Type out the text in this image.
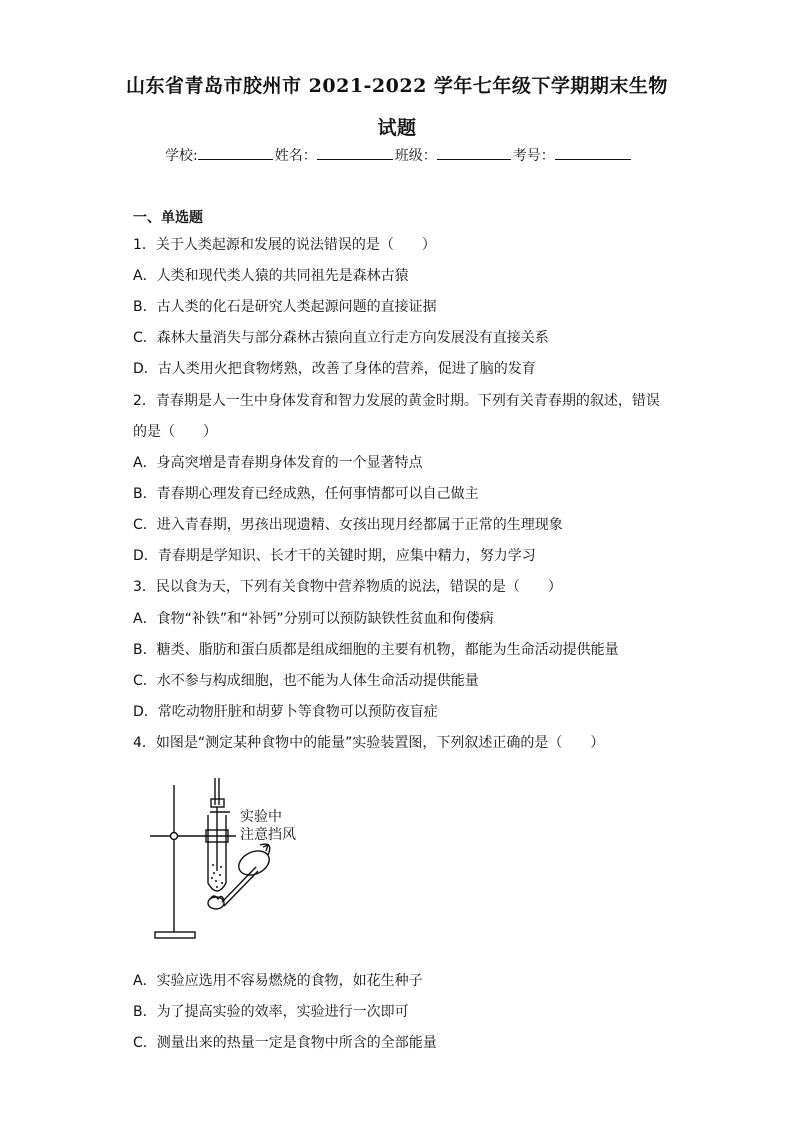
山东省青岛市胶州市 2021-2022 学年七年级下学期期末生物
试题
学校:	姓名：	班级：	考号：
一、单选题
1．关于人类起源和发展的说法错误的是（　　）
A．人类和现代类人猿的共同祖先是森林古猿
B．古人类的化石是研究人类起源问题的直接证据
C．森林大量消失与部分森林古猿向直立行走方向发展没有直接关系
D．古人类用火把食物烤熟，改善了身体的营养，促进了脑的发育
2．青春期是人一生中身体发育和智力发展的黄金时期。下列有关青春期的叙述，错误
的是（　　）
A．身高突增是青春期身体发育的一个显著特点
B．青春期心理发育已经成熟，任何事情都可以自己做主
C．进入青春期，男孩出现遗精、女孩出现月经都属于正常的生理现象
D．青春期是学知识、长才干的关键时期，应集中精力，努力学习
3．民以食为天，下列有关食物中营养物质的说法，错误的是（　　）
A．食物“补铁”和“补钙”分别可以预防缺铁性贫血和佝偻病
B．糖类、脂肪和蛋白质都是组成细胞的主要有机物，都能为生命活动提供能量
C．水不参与构成细胞，也不能为人体生命活动提供能量
D．常吃动物肝脏和胡萝卜等食物可以预防夜盲症
4．如图是“测定某种食物中的能量”实验装置图，下列叙述正确的是（　　）
实验中
注意挡风
A．实验应选用不容易燃烧的食物，如花生种子
B．为了提高实验的效率，实验进行一次即可
C．测量出来的热量一定是食物中所含的全部能量
